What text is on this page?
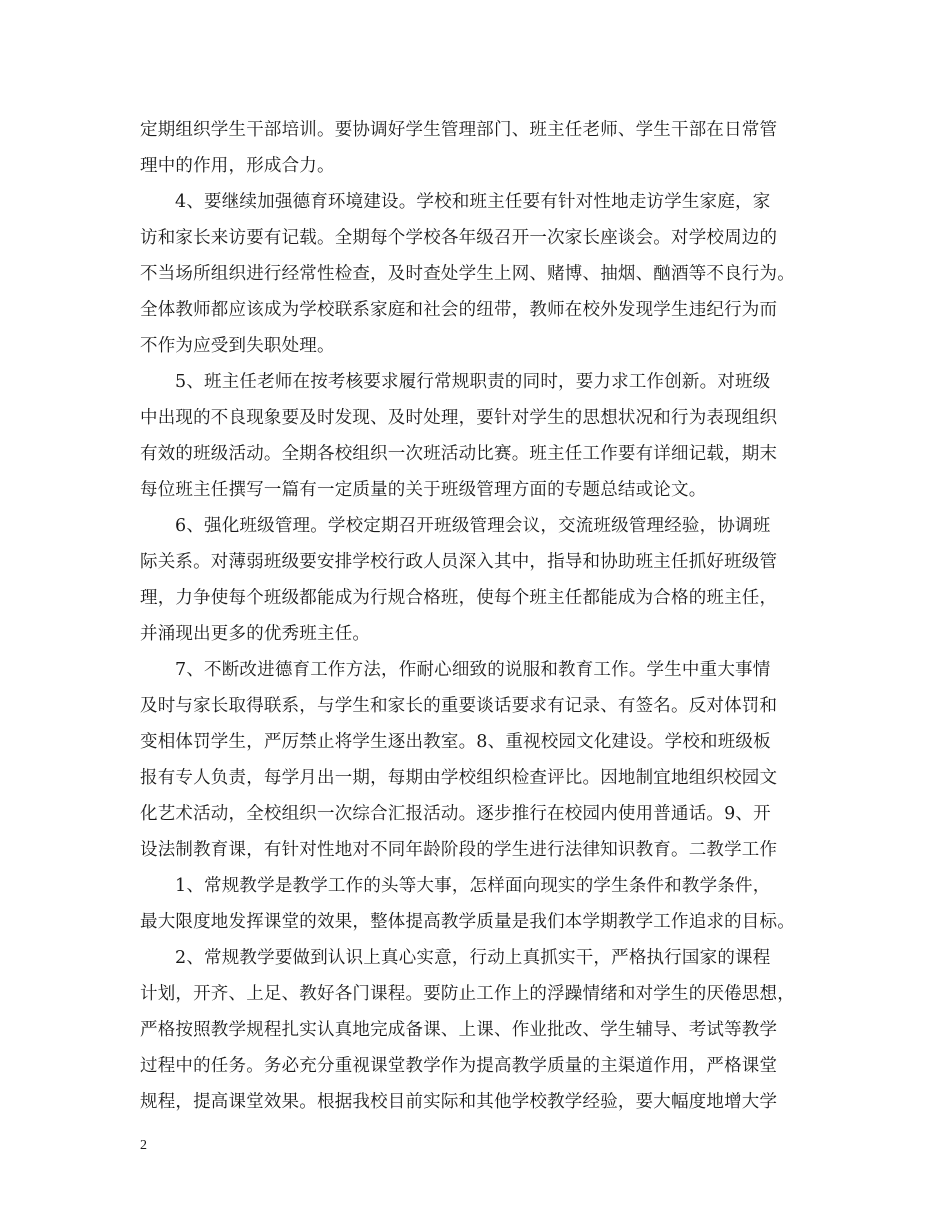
定期组织学生干部培训。要协调好学生管理部门、班主任老师、学生干部在日常管
理中的作用，形成合力。
4、要继续加强德育环境建设。学校和班主任要有针对性地走访学生家庭，家
访和家长来访要有记载。全期每个学校各年级召开一次家长座谈会。对学校周边的
不当场所组织进行经常性检查，及时查处学生上网、赌博、抽烟、酗酒等不良行为。
全体教师都应该成为学校联系家庭和社会的纽带，教师在校外发现学生违纪行为而
不作为应受到失职处理。
5、班主任老师在按考核要求履行常规职责的同时，要力求工作创新。对班级
中出现的不良现象要及时发现、及时处理，要针对学生的思想状况和行为表现组织
有效的班级活动。全期各校组织一次班活动比赛。班主任工作要有详细记载，期末
每位班主任撰写一篇有一定质量的关于班级管理方面的专题总结或论文。
6、强化班级管理。学校定期召开班级管理会议，交流班级管理经验，协调班
际关系。对薄弱班级要安排学校行政人员深入其中，指导和协助班主任抓好班级管
理，力争使每个班级都能成为行规合格班，使每个班主任都能成为合格的班主任，
并涌现出更多的优秀班主任。
7、不断改进德育工作方法，作耐心细致的说服和教育工作。学生中重大事情
及时与家长取得联系，与学生和家长的重要谈话要求有记录、有签名。反对体罚和
变相体罚学生，严厉禁止将学生逐出教室。8、重视校园文化建设。学校和班级板
报有专人负责，每学月出一期，每期由学校组织检查评比。因地制宜地组织校园文
化艺术活动，全校组织一次综合汇报活动。逐步推行在校园内使用普通话。9、开
设法制教育课，有针对性地对不同年龄阶段的学生进行法律知识教育。二教学工作
1、常规教学是教学工作的头等大事，怎样面向现实的学生条件和教学条件，
最大限度地发挥课堂的效果，整体提高教学质量是我们本学期教学工作追求的目标。
2、常规教学要做到认识上真心实意，行动上真抓实干，严格执行国家的课程
计划，开齐、上足、教好各门课程。要防止工作上的浮躁情绪和对学生的厌倦思想，
严格按照教学规程扎实认真地完成备课、上课、作业批改、学生辅导、考试等教学
过程中的任务。务必充分重视课堂教学作为提高教学质量的主渠道作用，严格课堂
规程，提高课堂效果。根据我校目前实际和其他学校教学经验，要大幅度地增大学
2
